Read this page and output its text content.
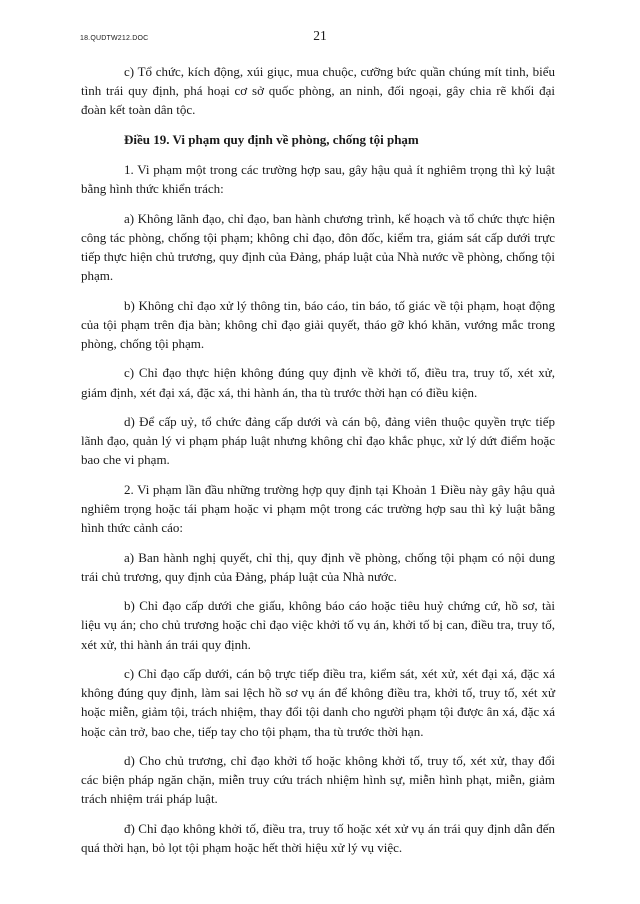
18.QUDTW212.DOC	21

c) Tổ chức, kích động, xúi giục, mua chuộc, cưỡng bức quần chúng mít tinh, biểu tình trái quy định, phá hoại cơ sở quốc phòng, an ninh, đối ngoại, gây chia rẽ khối đại đoàn kết toàn dân tộc.

Điều 19. Vi phạm quy định về phòng, chống tội phạm

1. Vi phạm một trong các trường hợp sau, gây hậu quả ít nghiêm trọng thì kỷ luật bằng hình thức khiển trách:

a) Không lãnh đạo, chỉ đạo, ban hành chương trình, kế hoạch và tổ chức thực hiện công tác phòng, chống tội phạm; không chỉ đạo, đôn đốc, kiểm tra, giám sát cấp dưới trực tiếp thực hiện chủ trương, quy định của Đảng, pháp luật của Nhà nước về phòng, chống tội phạm.

b) Không chỉ đạo xử lý thông tin, báo cáo, tin báo, tố giác về tội phạm, hoạt động của tội phạm trên địa bàn; không chỉ đạo giải quyết, tháo gỡ khó khăn, vướng mắc trong phòng, chống tội phạm.

c) Chỉ đạo thực hiện không đúng quy định về khởi tố, điều tra, truy tố, xét xử, giám định, xét đại xá, đặc xá, thi hành án, tha tù trước thời hạn có điều kiện.

d) Để cấp uỷ, tổ chức đảng cấp dưới và cán bộ, đảng viên thuộc quyền trực tiếp lãnh đạo, quản lý vi phạm pháp luật nhưng không chỉ đạo khắc phục, xử lý dứt điểm hoặc bao che vi phạm.

2. Vi phạm lần đầu những trường hợp quy định tại Khoản 1 Điều này gây hậu quả nghiêm trọng hoặc tái phạm hoặc vi phạm một trong các trường hợp sau thì kỷ luật bằng hình thức cảnh cáo:

a) Ban hành nghị quyết, chỉ thị, quy định về phòng, chống tội phạm có nội dung trái chủ trương, quy định của Đảng, pháp luật của Nhà nước.

b) Chỉ đạo cấp dưới che giấu, không báo cáo hoặc tiêu huỷ chứng cứ, hồ sơ, tài liệu vụ án; cho chủ trương hoặc chỉ đạo việc khởi tố vụ án, khởi tố bị can, điều tra, truy tố, xét xử, thi hành án trái quy định.

c) Chỉ đạo cấp dưới, cán bộ trực tiếp điều tra, kiểm sát, xét xử, xét đại xá, đặc xá không đúng quy định, làm sai lệch hồ sơ vụ án để không điều tra, khởi tố, truy tố, xét xử hoặc miễn, giảm tội, trách nhiệm, thay đổi tội danh cho người phạm tội được ân xá, đặc xá hoặc cản trở, bao che, tiếp tay cho tội phạm, tha tù trước thời hạn.

d) Cho chủ trương, chỉ đạo khởi tố hoặc không khởi tố, truy tố, xét xử, thay đổi các biện pháp ngăn chặn, miễn truy cứu trách nhiệm hình sự, miễn hình phạt, miễn, giảm trách nhiệm trái pháp luật.

đ) Chỉ đạo không khởi tố, điều tra, truy tố hoặc xét xử vụ án trái quy định dẫn đến quá thời hạn, bỏ lọt tội phạm hoặc hết thời hiệu xử lý vụ việc.
